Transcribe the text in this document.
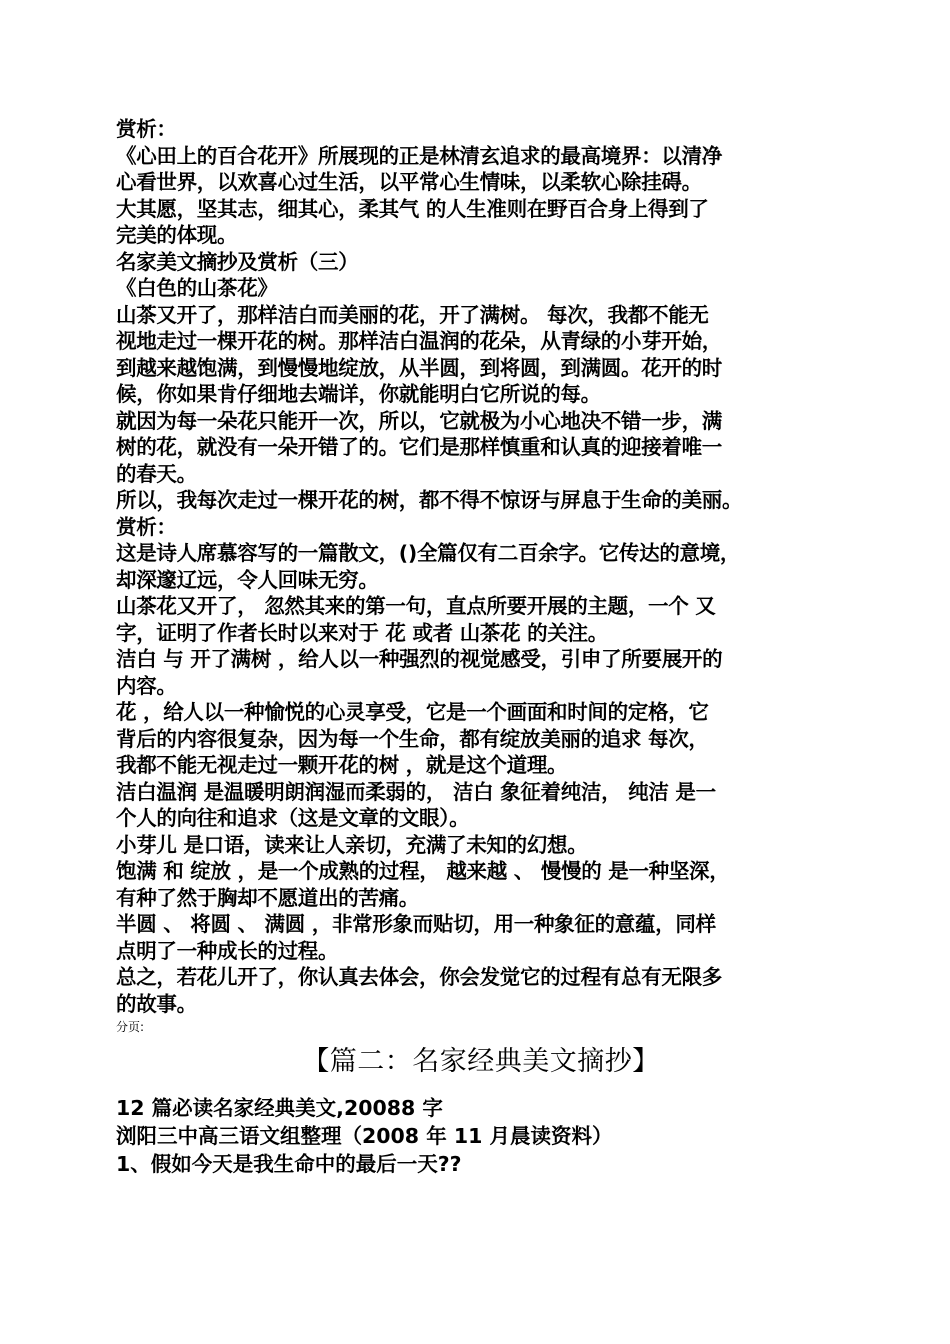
赏析：
《心田上的百合花开》所展现的正是林清玄追求的最高境界：以清净
心看世界，以欢喜心过生活，以平常心生情味，以柔软心除挂碍。
大其愿，坚其志，细其心，柔其气 的人生准则在野百合身上得到了
完美的体现。
名家美文摘抄及赏析（三）
《白色的山茶花》
山茶又开了，那样洁白而美丽的花，开了满树。 每次，我都不能无
视地走过一棵开花的树。那样洁白温润的花朵，从青绿的小芽开始，
到越来越饱满，到慢慢地绽放，从半圆，到将圆，到满圆。花开的时
候，你如果肯仔细地去端详，你就能明白它所说的每。
就因为每一朵花只能开一次，所以，它就极为小心地决不错一步，满
树的花，就没有一朵开错了的。它们是那样慎重和认真的迎接着唯一
的春天。
所以，我每次走过一棵开花的树，都不得不惊讶与屏息于生命的美丽。
赏析：
这是诗人席慕容写的一篇散文，()全篇仅有二百余字。它传达的意境，
却深邃辽远，令人回味无穷。
山茶花又开了， 忽然其来的第一句，直点所要开展的主题，一个 又
字，证明了作者长时以来对于 花 或者 山茶花 的关注。
洁白 与 开了满树 ，给人以一种强烈的视觉感受，引申了所要展开的
内容。
花 ，给人以一种愉悦的心灵享受，它是一个画面和时间的定格，它
背后的内容很复杂，因为每一个生命，都有绽放美丽的追求 每次，
我都不能无视走过一颗开花的树 ，就是这个道理。
洁白温润 是温暖明朗润湿而柔弱的， 洁白 象征着纯洁， 纯洁 是一
个人的向往和追求（这是文章的文眼）。
小芽儿 是口语，读来让人亲切，充满了未知的幻想。
饱满 和 绽放 ，是一个成熟的过程， 越来越 、 慢慢的 是一种坚深，
有种了然于胸却不愿道出的苦痛。
半圆 、 将圆 、 满圆 ，非常形象而贴切，用一种象征的意蕴，同样
点明了一种成长的过程。
总之，若花儿开了，你认真去体会，你会发觉它的过程有总有无限多
的故事。
分页:
【篇二：名家经典美文摘抄】
12 篇必读名家经典美文,20088 字
浏阳三中高三语文组整理（2008 年 11 月晨读资料）
1、假如今天是我生命中的最后一天??
